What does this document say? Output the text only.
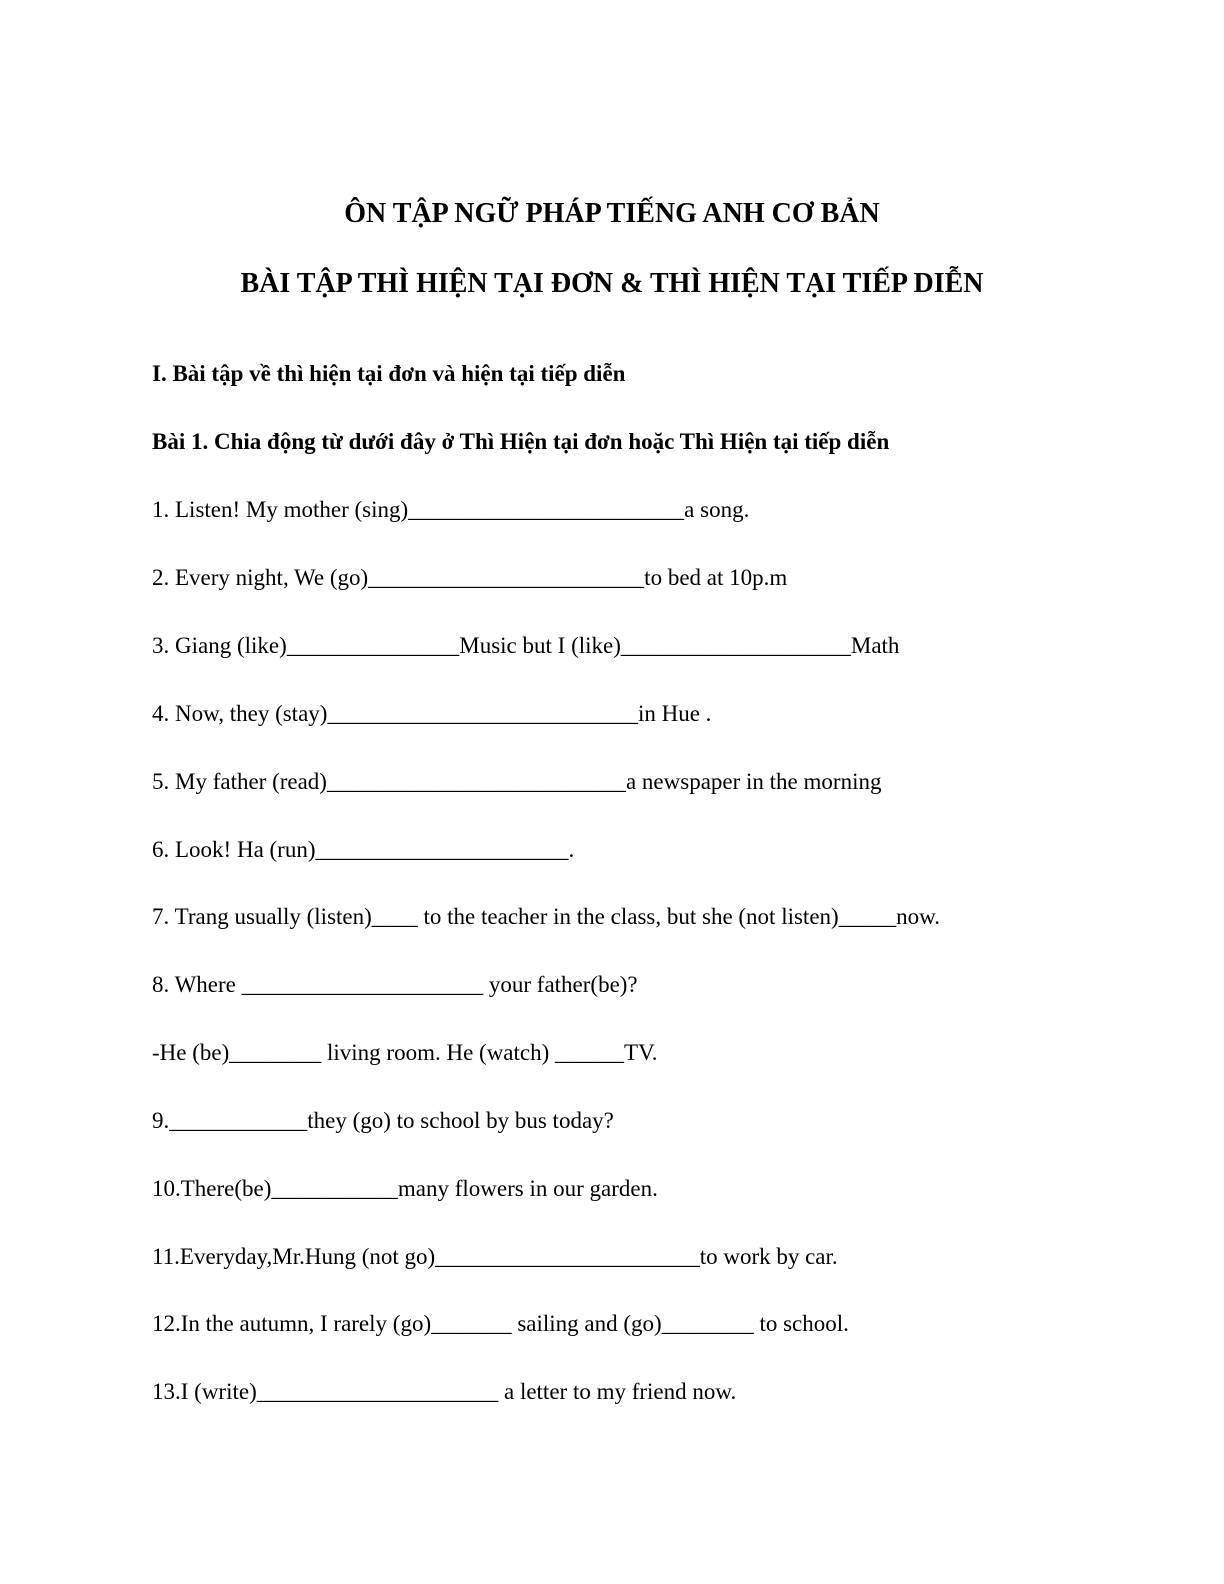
ÔN TẬP NGỮ PHÁP TIẾNG ANH CƠ BẢN
BÀI TẬP THÌ HIỆN TẠI ĐƠN & THÌ HIỆN TẠI TIẾP DIỄN
I. Bài tập về thì hiện tại đơn và hiện tại tiếp diễn
Bài 1. Chia động từ dưới đây ở Thì Hiện tại đơn hoặc Thì Hiện tại tiếp diễn
1. Listen! My mother (sing)________________________a song.
2. Every night, We (go)________________________to bed at 10p.m
3. Giang (like)_______________Music but I (like)____________________Math
4. Now, they (stay)___________________________in Hue .
5. My father (read)__________________________a newspaper in the morning
6. Look! Ha (run)______________________.
7. Trang usually (listen)____ to the teacher in the class, but she (not listen)_____now.
8. Where _____________________ your father(be)?
-He (be)________ living room. He (watch) ______TV.
9.____________they (go) to school by bus today?
10.There(be)___________many flowers in our garden.
11.Everyday,Mr.Hung (not go)_______________________to work by car.
12.In the autumn, I rarely (go)_______ sailing and (go)________ to school.
13.I (write)_____________________ a letter to my friend now.
